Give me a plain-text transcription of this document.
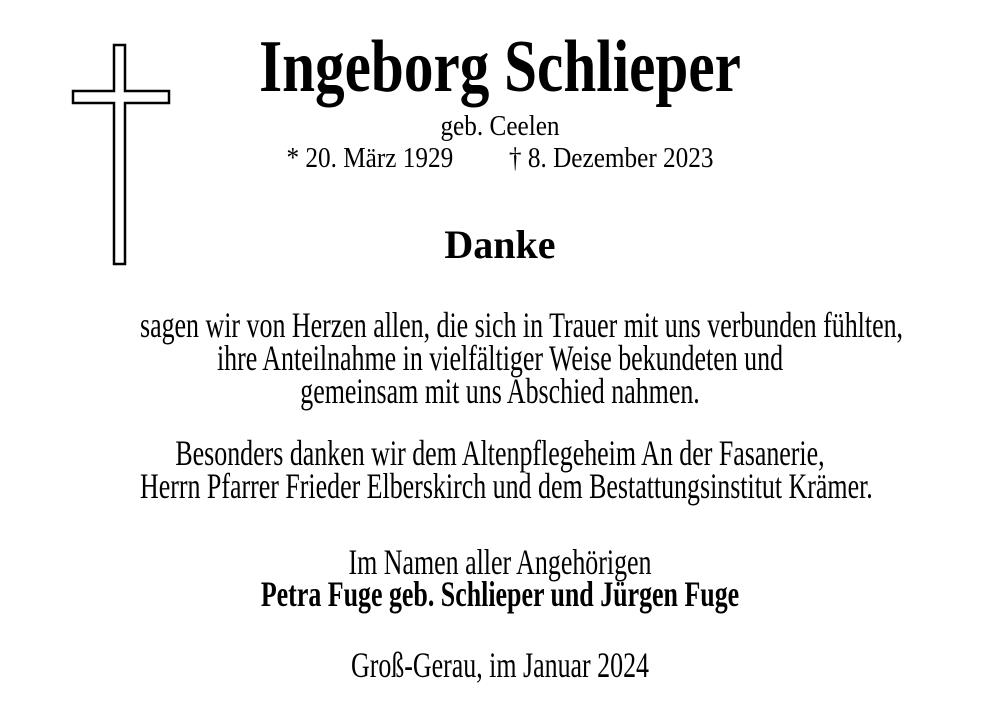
Ingeborg Schlieper
geb. Ceelen
* 20. März 1929 † 8. Dezember 2023
Danke
sagen wir von Herzen allen, die sich in Trauer mit uns verbunden fühlten,
ihre Anteilnahme in vielfältiger Weise bekundeten und
gemeinsam mit uns Abschied nahmen.
Besonders danken wir dem Altenpflegeheim An der Fasanerie,
Herrn Pfarrer Frieder Elberskirch und dem Bestattungsinstitut Krämer.
Im Namen aller Angehörigen
Petra Fuge geb. Schlieper und Jürgen Fuge
Groß-Gerau, im Januar 2024
